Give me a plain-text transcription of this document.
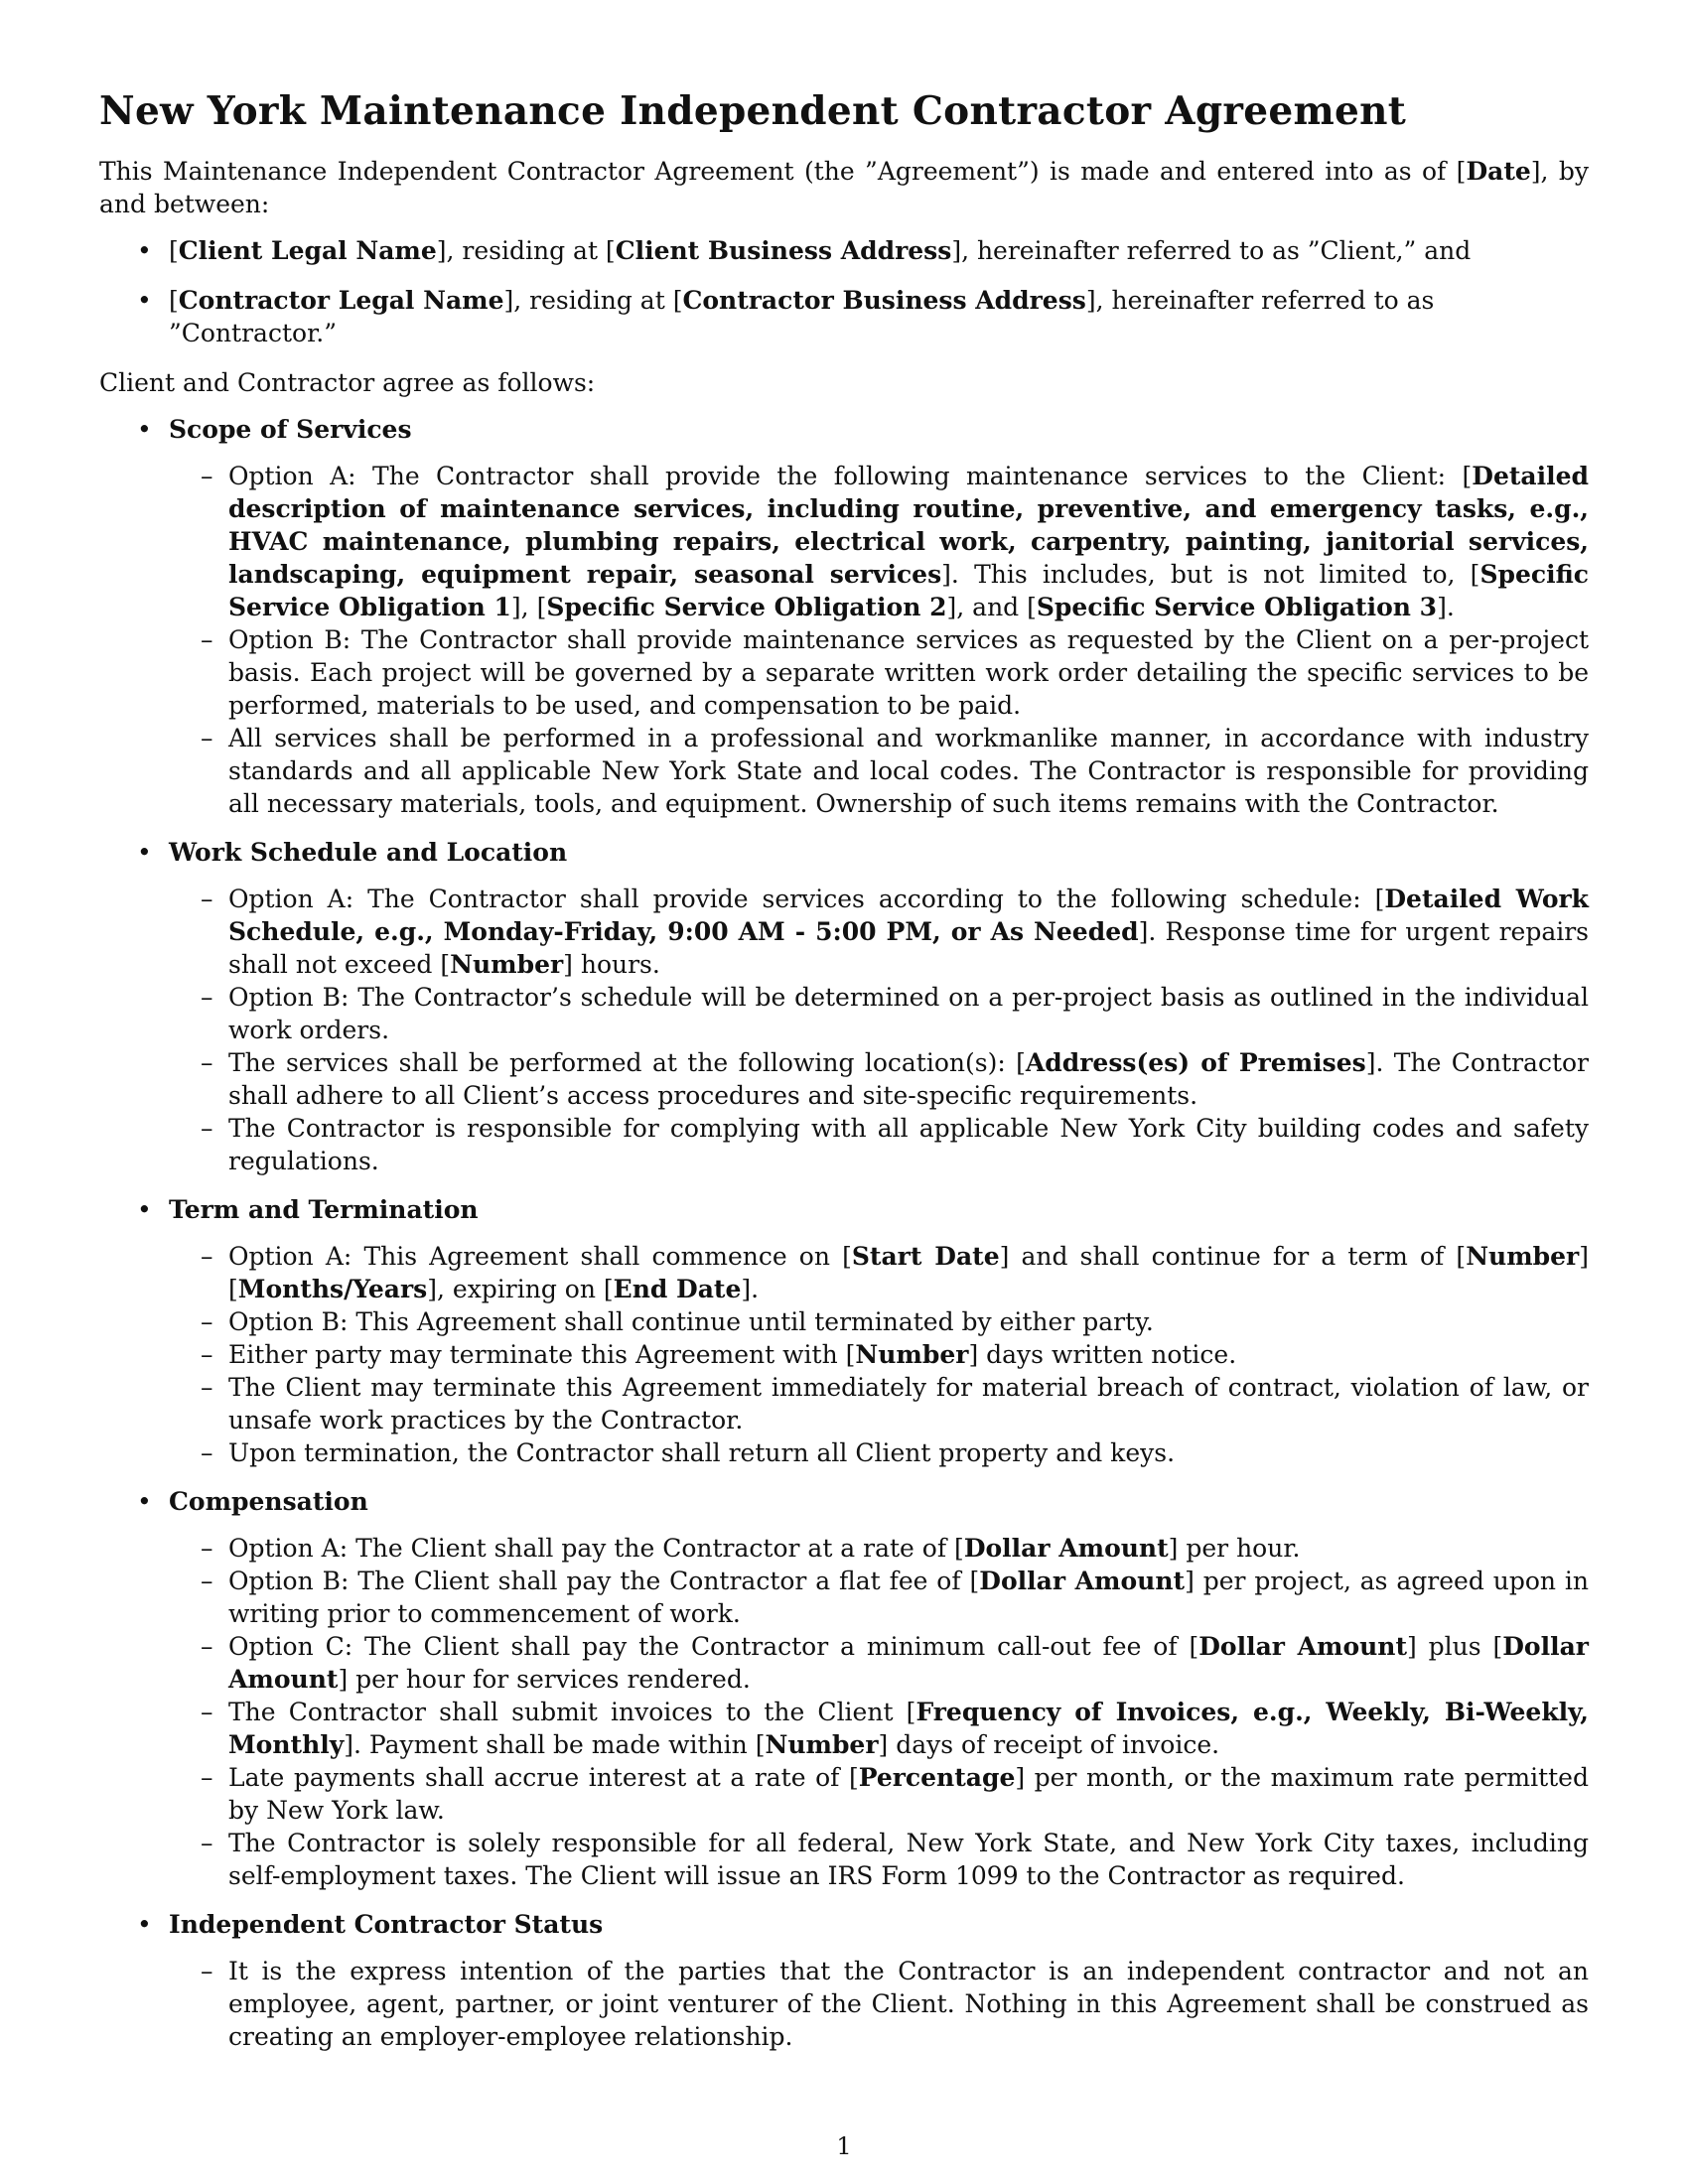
New York Maintenance Independent Contractor Agreement

This Maintenance Independent Contractor Agreement (the ”Agreement”) is made and entered into as of [Date], by and between:

• [Client Legal Name], residing at [Client Business Address], hereinafter referred to as ”Client,” and
• [Contractor Legal Name], residing at [Contractor Business Address], hereinafter referred to as ”Contractor.”

Client and Contractor agree as follows:

• Scope of Services
– Option A: The Contractor shall provide the following maintenance services to the Client: [Detailed description of maintenance services, including routine, preventive, and emergency tasks, e.g., HVAC maintenance, plumbing repairs, electrical work, carpentry, painting, janitorial services, landscaping, equipment repair, seasonal services]. This includes, but is not limited to, [Specific Service Obligation 1], [Specific Service Obligation 2], and [Specific Service Obligation 3].
– Option B: The Contractor shall provide maintenance services as requested by the Client on a per-project basis. Each project will be governed by a separate written work order detailing the specific services to be performed, materials to be used, and compensation to be paid.
– All services shall be performed in a professional and workmanlike manner, in accordance with industry standards and all applicable New York State and local codes. The Contractor is responsible for providing all necessary materials, tools, and equipment. Ownership of such items remains with the Contractor.
• Work Schedule and Location
– Option A: The Contractor shall provide services according to the following schedule: [Detailed Work Schedule, e.g., Monday-Friday, 9:00 AM - 5:00 PM, or As Needed]. Response time for urgent repairs shall not exceed [Number] hours.
– Option B: The Contractor’s schedule will be determined on a per-project basis as outlined in the individual work orders.
– The services shall be performed at the following location(s): [Address(es) of Premises]. The Contractor shall adhere to all Client’s access procedures and site-specific requirements.
– The Contractor is responsible for complying with all applicable New York City building codes and safety regulations.
• Term and Termination
– Option A: This Agreement shall commence on [Start Date] and shall continue for a term of [Number] [Months/Years], expiring on [End Date].
– Option B: This Agreement shall continue until terminated by either party.
– Either party may terminate this Agreement with [Number] days written notice.
– The Client may terminate this Agreement immediately for material breach of contract, violation of law, or unsafe work practices by the Contractor.
– Upon termination, the Contractor shall return all Client property and keys.
• Compensation
– Option A: The Client shall pay the Contractor at a rate of [Dollar Amount] per hour.
– Option B: The Client shall pay the Contractor a flat fee of [Dollar Amount] per project, as agreed upon in writing prior to commencement of work.
– Option C: The Client shall pay the Contractor a minimum call-out fee of [Dollar Amount] plus [Dollar Amount] per hour for services rendered.
– The Contractor shall submit invoices to the Client [Frequency of Invoices, e.g., Weekly, Bi-Weekly, Monthly]. Payment shall be made within [Number] days of receipt of invoice.
– Late payments shall accrue interest at a rate of [Percentage] per month, or the maximum rate permitted by New York law.
– The Contractor is solely responsible for all federal, New York State, and New York City taxes, including self-employment taxes. The Client will issue an IRS Form 1099 to the Contractor as required.
• Independent Contractor Status
– It is the express intention of the parties that the Contractor is an independent contractor and not an employee, agent, partner, or joint venturer of the Client. Nothing in this Agreement shall be construed as creating an employer-employee relationship.
1
